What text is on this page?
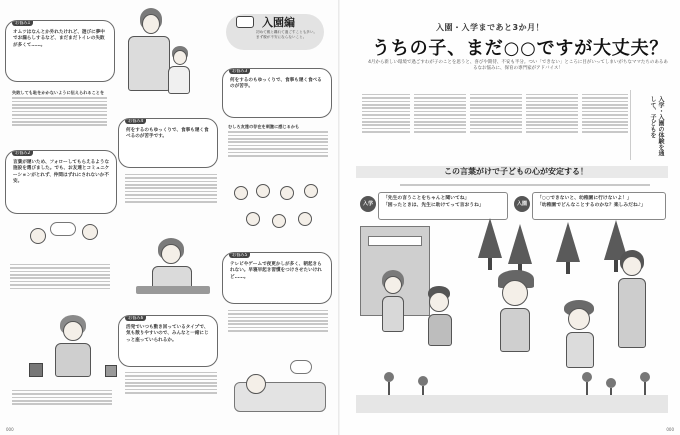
お悩み1
オムツはなんとか外れたけれど、遊びに夢中でお漏らしするなど、まだまだトイレの失敗が多くて……。
失敗しても恥をかかないように伝えられることを
お悩み2
言葉が遅いため、フォローしてもらえるような施設を選びました。でも、お友達とコミュニケーションがとれず、仲間はずれにされないか不安。
お悩み4
何をするのもゆっくりで、食事も遅く食べるのが苦手です。
お悩み6
活発でいつも動き回っているタイプで、気も散りやすいので、みんなと一緒にじっと座っていられるか。
入園編
初めて親と離れて過ごすことも多い。
まず親が不安にならないこと。
お悩み3
何をするのもゆっくりで、食事も遅く食べるのが苦手。
むしろ友達の存在を刺激に感じるかも
お悩み5
テレビやゲームで夜更かしが多く、朝起きられない。早寝早起き習慣をつけさせたいけれど……。
000
入園・入学まであと3か月！
うちの子、まだ○○ですが大丈夫？
4月から新しい環境で過ごすわが子のことを思うと、喜びや期待、不安も半分。つい「できない」ところに目がいってしまいがちなママたちのあるあるなお悩みに、保育の専門家がアドバイス！
入学・入園の体験を通して、子どもを
この言葉がけで子どもの心が安定する！
入学
「先生の言うことをちゃんと聞いてね」
「困ったときは、先生に助けてって言おうね」	入園
「○○できないと、幼稚園に行けないよ！」
「幼稚園でどんなことするのかな？楽しみだね♪」
000
